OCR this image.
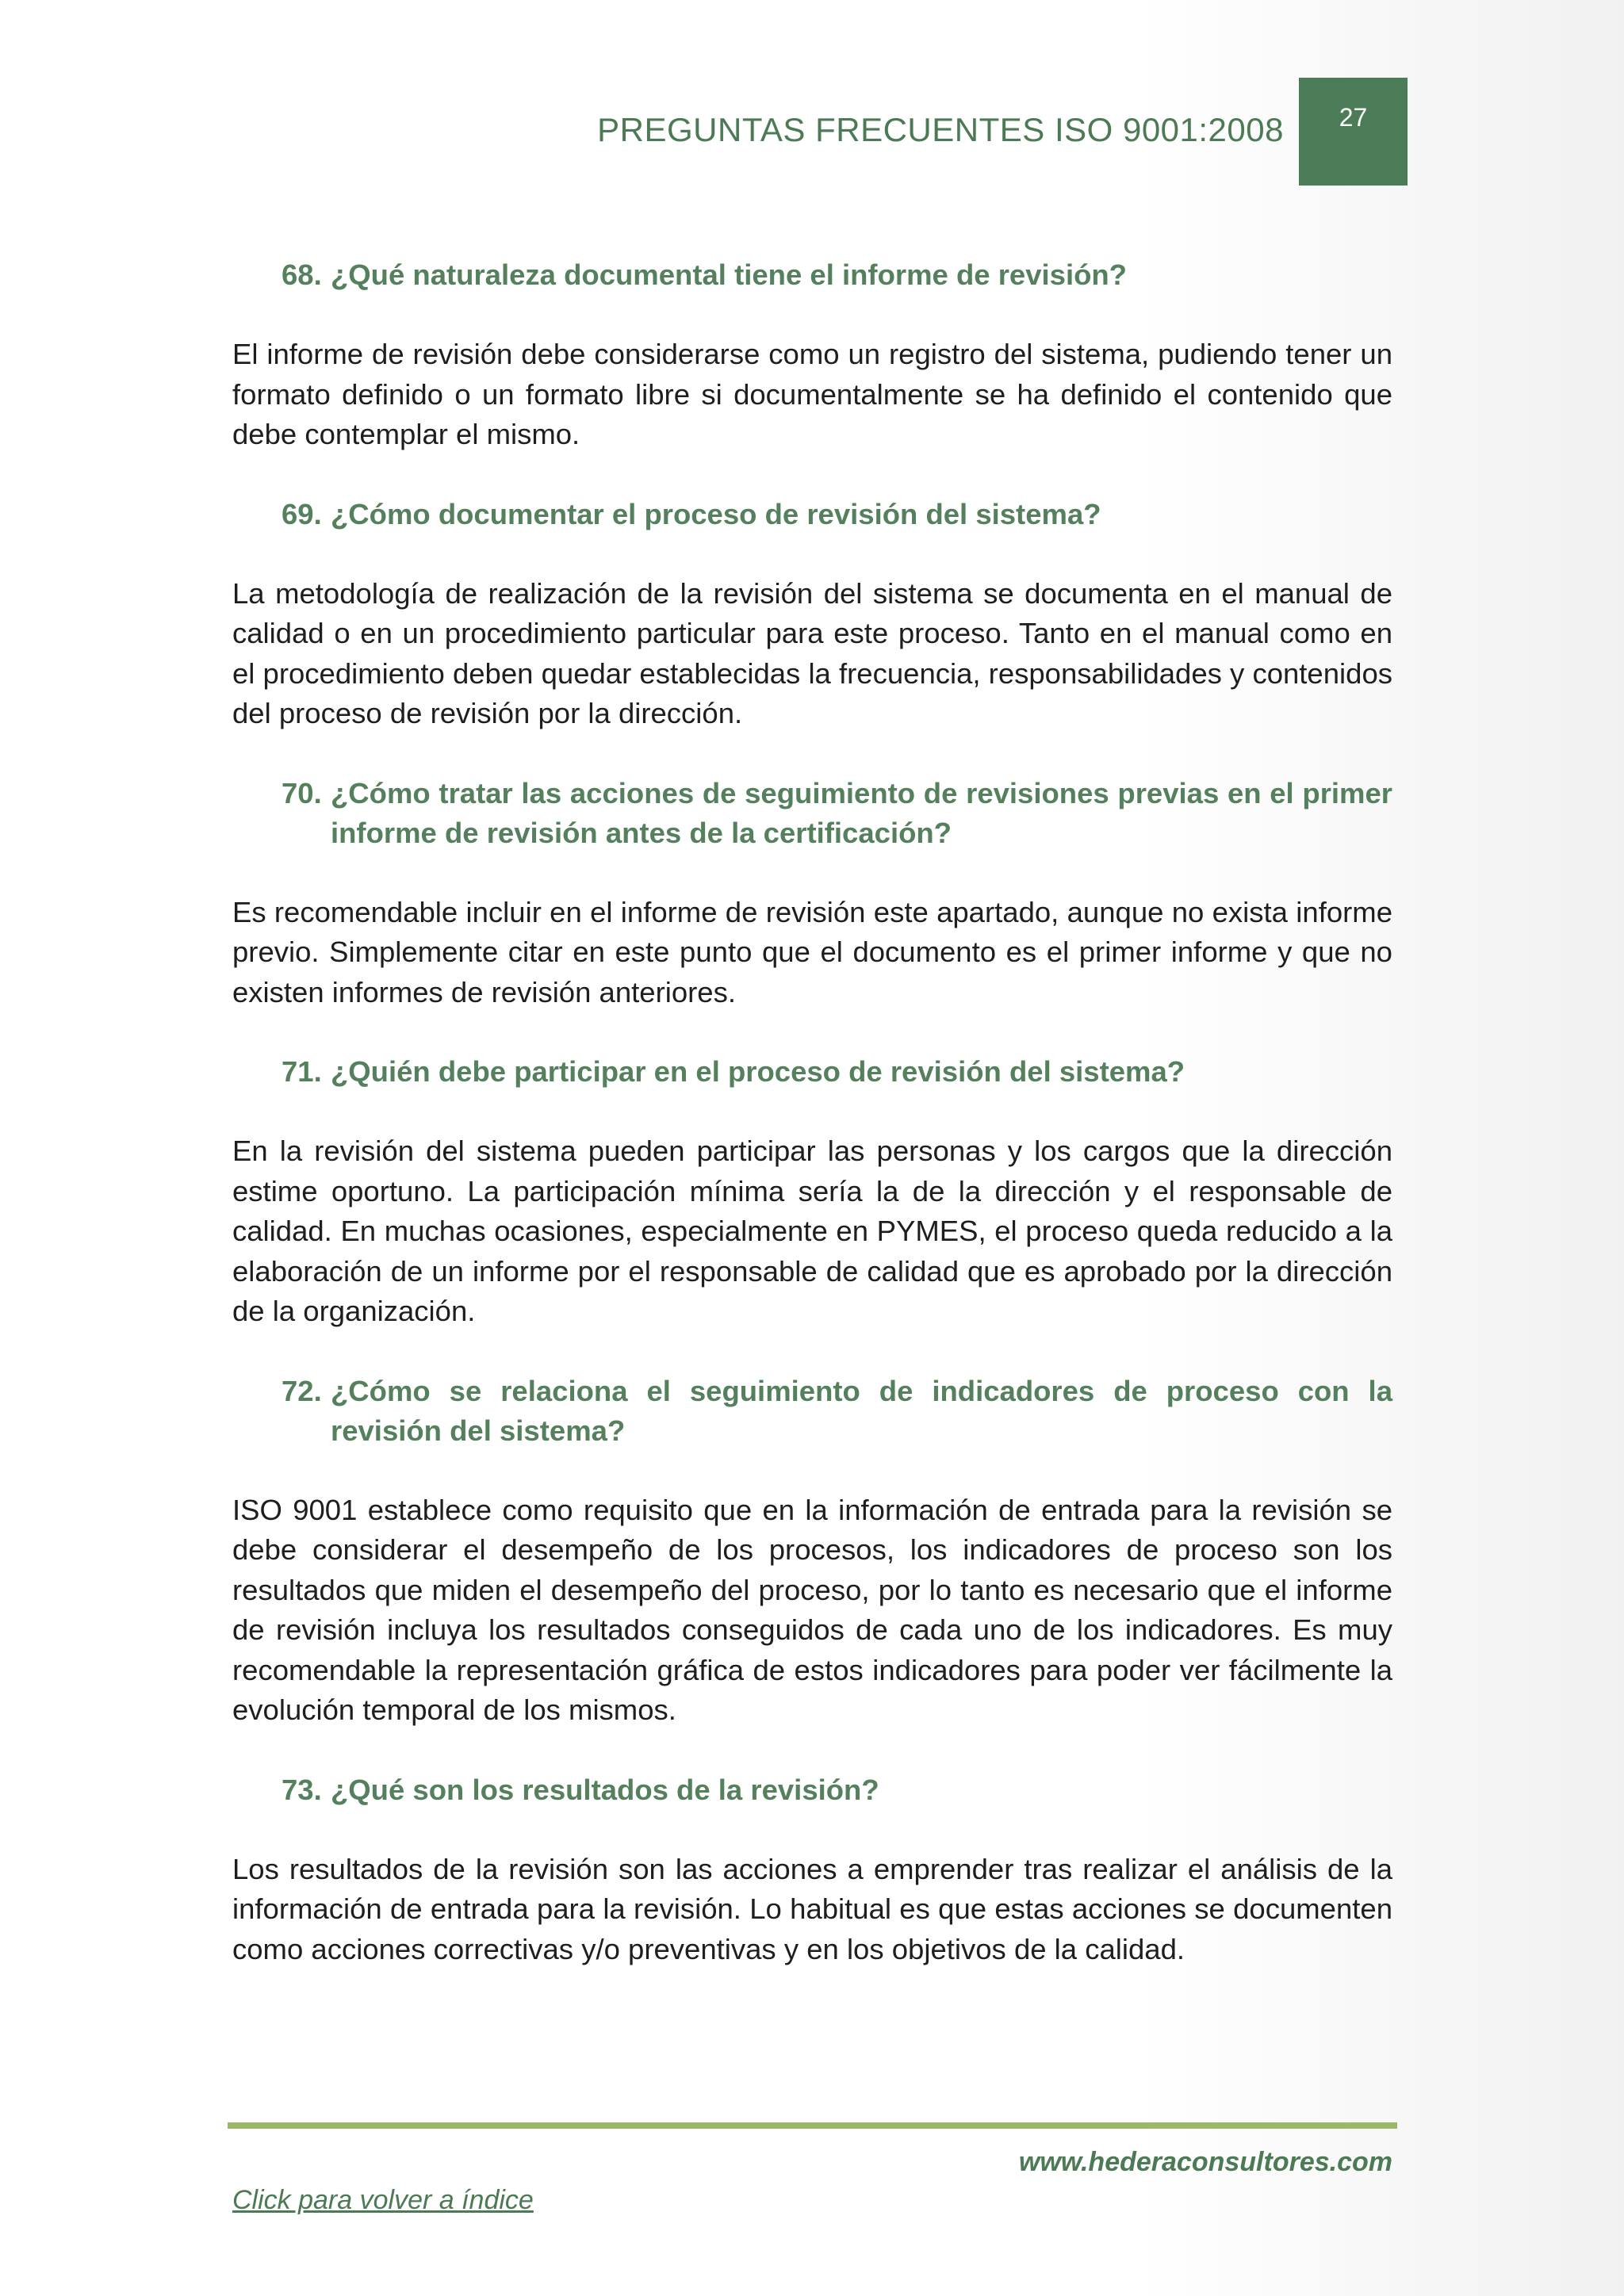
PREGUNTAS FRECUENTES ISO 9001:2008	27
68. ¿Qué naturaleza documental tiene el informe de revisión?

El informe de revisión debe considerarse como un registro del sistema, pudiendo tener un formato definido o un formato libre si documentalmente se ha definido el contenido que debe contemplar el mismo.

69. ¿Cómo documentar el proceso de revisión del sistema?

La metodología de realización de la revisión del sistema se documenta en el manual de calidad o en un procedimiento particular para este proceso. Tanto en el manual como en el procedimiento deben quedar establecidas la frecuencia, responsabilidades y contenidos del proceso de revisión por la dirección.

70. ¿Cómo tratar las acciones de seguimiento de revisiones previas en el primer informe de revisión antes de la certificación?

Es recomendable incluir en el informe de revisión este apartado, aunque no exista informe previo. Simplemente citar en este punto que el documento es el primer informe y que no existen informes de revisión anteriores.

71. ¿Quién debe participar en el proceso de revisión del sistema?

En la revisión del sistema pueden participar las personas y los cargos que la dirección estime oportuno. La participación mínima sería la de la dirección y el responsable de calidad. En muchas ocasiones, especialmente en PYMES, el proceso queda reducido a la elaboración de un informe por el responsable de calidad que es aprobado por la dirección de la organización.

72. ¿Cómo se relaciona el seguimiento de indicadores de proceso con la revisión del sistema?

ISO 9001 establece como requisito que en la información de entrada para la revisión se debe considerar el desempeño de los procesos, los indicadores de proceso son los resultados que miden el desempeño del proceso, por lo tanto es necesario que el informe de revisión incluya los resultados conseguidos de cada uno de los indicadores. Es muy recomendable la representación gráfica de estos indicadores para poder ver fácilmente la evolución temporal de los mismos.

73. ¿Qué son los resultados de la revisión?

Los resultados de la revisión son las acciones a emprender tras realizar el análisis de la información de entrada para la revisión. Lo habitual es que estas acciones se documenten como acciones correctivas y/o preventivas y en los objetivos de la calidad.

www.hederaconsultores.com
Click para volver a índice
